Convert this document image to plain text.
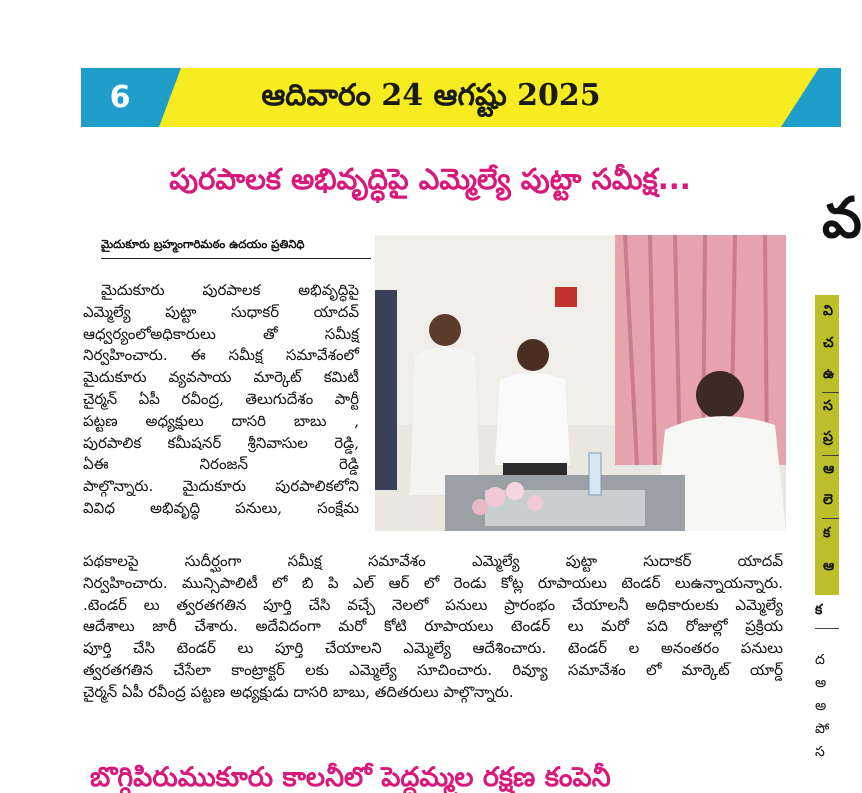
6	ఆదివారం 24 ఆగష్టు 2025
పురపాలక అభివృద్ధిపై ఎమ్మెల్యే పుట్టా సమీక్ష...
మైదుకూరు బ్రహ్మంగారిమఠం ఉదయం ప్రతినిధి
మైదుకూరు పురపాలక అభివృద్ధిపై
ఎమ్మెల్యే పుట్టా సుధాకర్ యాదవ్
ఆధ్వర్యంలోఅధికారులు తో సమీక్ష
నిర్వహించారు. ఈ సమీక్ష సమావేశంలో
మైదుకూరు వ్యవసాయ మార్కెట్ కమిటీ
చైర్మన్ ఏపీ రవీంద్ర, తెలుగుదేశం పార్టీ
పట్టణ అధ్యక్షులు దాసరి బాబు ,
పురపాలిక కమీషనర్ శ్రీనివాసుల రెడ్డి,
ఏఈ నిరంజన్ రెడ్డి
పాల్గొన్నారు. మైదుకూరు పురపాలికలోని
వివిధ అభివృద్ధి పనులు, సంక్షేమ
పథకాలపై సుదీర్ఘంగా సమీక్ష సమావేశం ఎమ్మెల్యే పుట్టా సుదాకర్ యాదవ్
నిర్వహించారు. మున్సిపాలిటీ లో బి పి ఎల్ ఆర్ లో రెండు కోట్ల రూపాయలు టెండర్ లుఉన్నాయన్నారు.
.టెండర్ లు త్వరతగతిన పూర్తి చేసి వచ్చే నెలలో పనులు ప్రారంభం చేయాలనీ అధికారులకు ఎమ్మెల్యే
ఆదేశాలు జారీ చేశారు. అదేవిదంగా మరో కోటి రూపాయలు టెండర్ లు మరో పది రోజుల్లో ప్రక్రియ
పూర్తి చేసి టెండర్ లు పూర్తి చేయాలని ఎమ్మెల్యే ఆదేశించారు. టెండర్ ల అనంతరం పనులు
త్వరతగతిన చేసేలా కాంట్రాక్టర్ లకు ఎమ్మెల్యే సూచించారు. రివ్యూ సమావేశం లో మార్కెట్ యార్డ్
చైర్మన్ ఏపీ రవీంద్ర పట్టణ అధ్యక్షుడు దాసరి బాబు, తదితరులు పాల్గొన్నారు.
బొగ్గిపిరుముకూరు కాలనీలో పెద్దమ్మల రక్షణ కంపెనీ
వ
వి
చ
ఉ
స
ప్ర
ఆ
లె
క
ఆ
క
ద
అ
అ
పో
స
